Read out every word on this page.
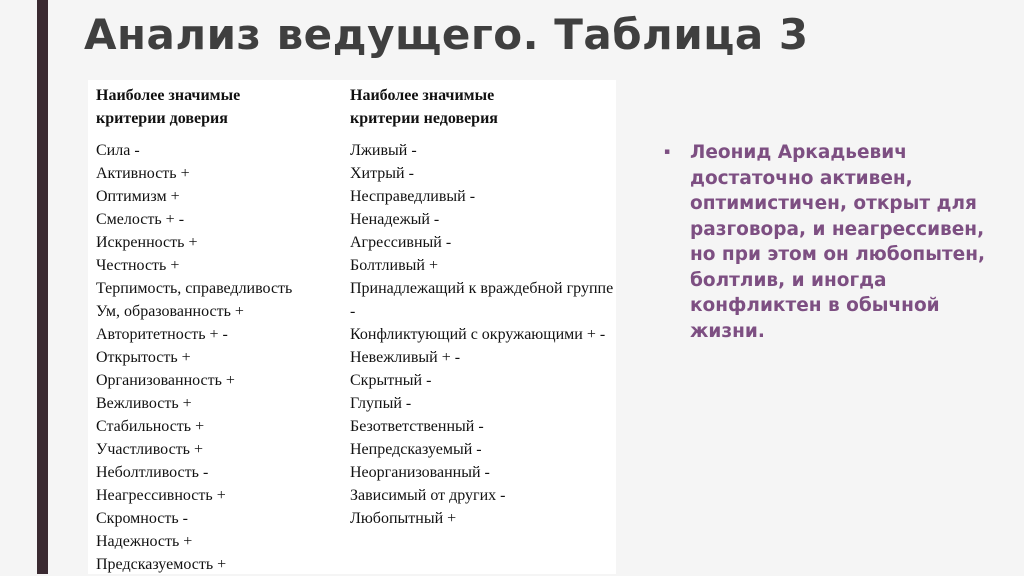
Анализ ведущего. Таблица 3

Наиболее значимые
критерии доверия

Сила -
Активность +
Оптимизм +
Смелость + -
Искренность +
Честность +
Терпимость, справедливость
Ум, образованность +
Авторитетность + -
Открытость +
Организованность +
Вежливость +
Стабильность +
Участливость +
Неболтливость -
Неагрессивность +
Скромность -
Надежность +
Предсказуемость +

Наиболее значимые
критерии недоверия

Лживый -
Хитрый -
Несправедливый -
Ненадежый -
Агрессивный -
Болтливый +
Принадлежащий к враждебной группе -
Конфликтующий с окружающими + -
Невежливый + -
Скрытный -
Глупый -
Безответственный -
Непредсказуемый -
Неорганизованный -
Зависимый от других -
Любопытный +
▪ Леонид Аркадьевич достаточно активен, оптимистичен, открыт для разговора, и неагрессивен, но при этом он любопытен, болтлив, и иногда конфликтен в обычной жизни.
